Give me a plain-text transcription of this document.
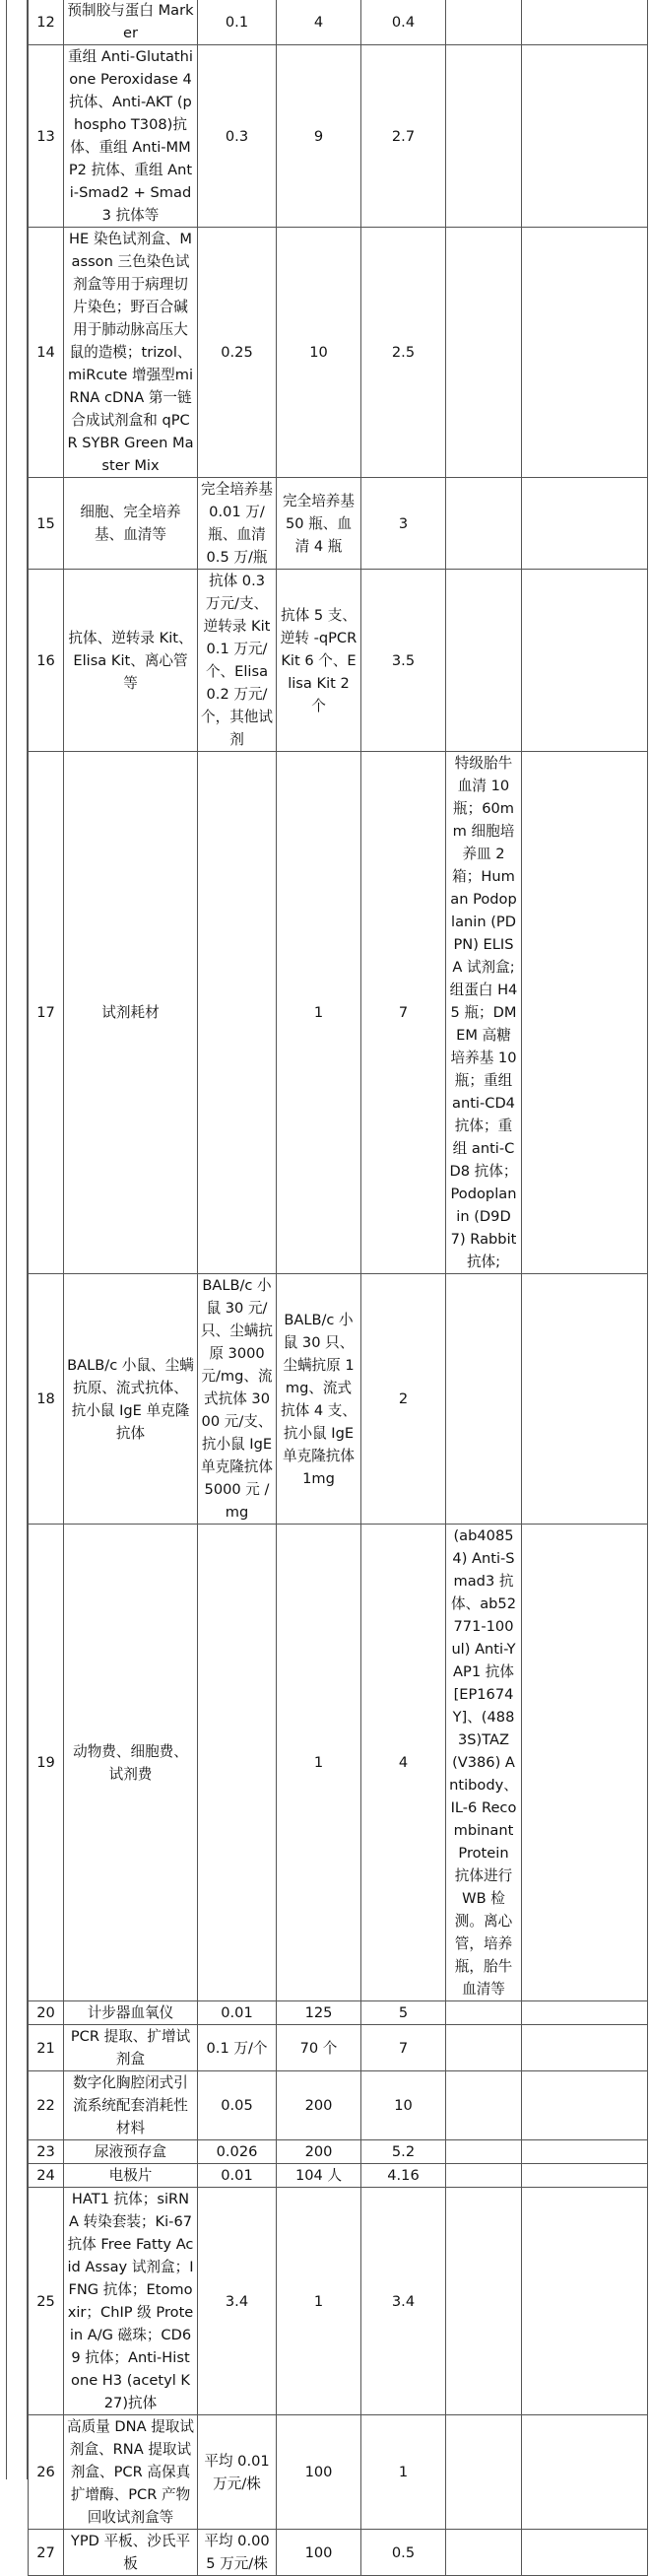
12	预制胶与蛋白 Marker	0.1	4	0.4		
13	重组 Anti-Glutathione Peroxidase 4 抗体、Anti-AKT (phospho T308)抗体、重组 Anti-MMP2 抗体、重组 Anti-Smad2 + Smad3 抗体等	0.3	9	2.7		
14	HE 染色试剂盒、Masson 三色染色试剂盒等用于病理切片染色；野百合碱用于肺动脉高压大鼠的造模；trizol、miRcute 增强型miRNA cDNA 第一链合成试剂盒和 qPCR SYBR Green Master Mix	0.25	10	2.5		
15	细胞、完全培养基、血清等	完全培养基 0.01 万/瓶、血清 0.5 万/瓶	完全培养基 50 瓶、血清 4 瓶	3		
16	抗体、逆转录 Kit、Elisa Kit、离心管等	抗体 0.3 万元/支、逆转录 Kit 0.1 万元/个、Elisa 0.2 万元/个，其他试剂	抗体 5 支、逆转 -qPCR Kit 6 个、Elisa Kit 2 个	3.5		
17	试剂耗材		1	7	特级胎牛血清 10 瓶；60mm 细胞培养皿 2 箱；Human Podoplanin (PDPN) ELISA 试剂盒;组蛋白 H4 5 瓶；DMEM 高糖培养基 10 瓶；重组 anti-CD4 抗体；重组 anti-CD8 抗体；Podoplanin (D9D7) Rabbit 抗体;	
18	BALB/c 小鼠、尘螨抗原、流式抗体、抗小鼠 IgE 单克隆抗体	BALB/c 小鼠 30 元/只、尘螨抗原 3000 元/mg、流式抗体 3000 元/支、抗小鼠 IgE 单克隆抗体 5000 元 /mg	BALB/c 小鼠 30 只、尘螨抗原 1mg、流式抗体 4 支、抗小鼠 IgE 单克隆抗体 1mg	2		
19	动物费、细胞费、试剂费		1	4	(ab40854) Anti-Smad3 抗体、ab52771-100ul) Anti-YAP1 抗体 [EP1674Y]、(4883S)TAZ (V386) Antibody、IL-6 Recombinant Protein 抗体进行 WB 检测。离心管，培养瓶，胎牛血清等	
20	计步器血氧仪	0.01	125	5		
21	PCR 提取、扩增试剂盒	0.1 万/个	70 个	7		
22	数字化胸腔闭式引流系统配套消耗性材料	0.05	200	10		
23	尿液预存盒	0.026	200	5.2		
24	电极片	0.01	104 人	4.16		
25	HAT1 抗体；siRNA 转染套装；Ki-67 抗体 Free Fatty Acid Assay 试剂盒；IFNG 抗体；Etomoxir；ChIP 级 Protein A/G 磁珠；CD69 抗体；Anti-Histone H3 (acetyl K27)抗体	3.4	1	3.4		
26	高质量 DNA 提取试剂盒、RNA 提取试剂盒、PCR 高保真扩增酶、PCR 产物回收试剂盒等	平均 0.01 万元/株	100	1		
27	YPD 平板、沙氏平板	平均 0.005 万元/株	100	0.5		
